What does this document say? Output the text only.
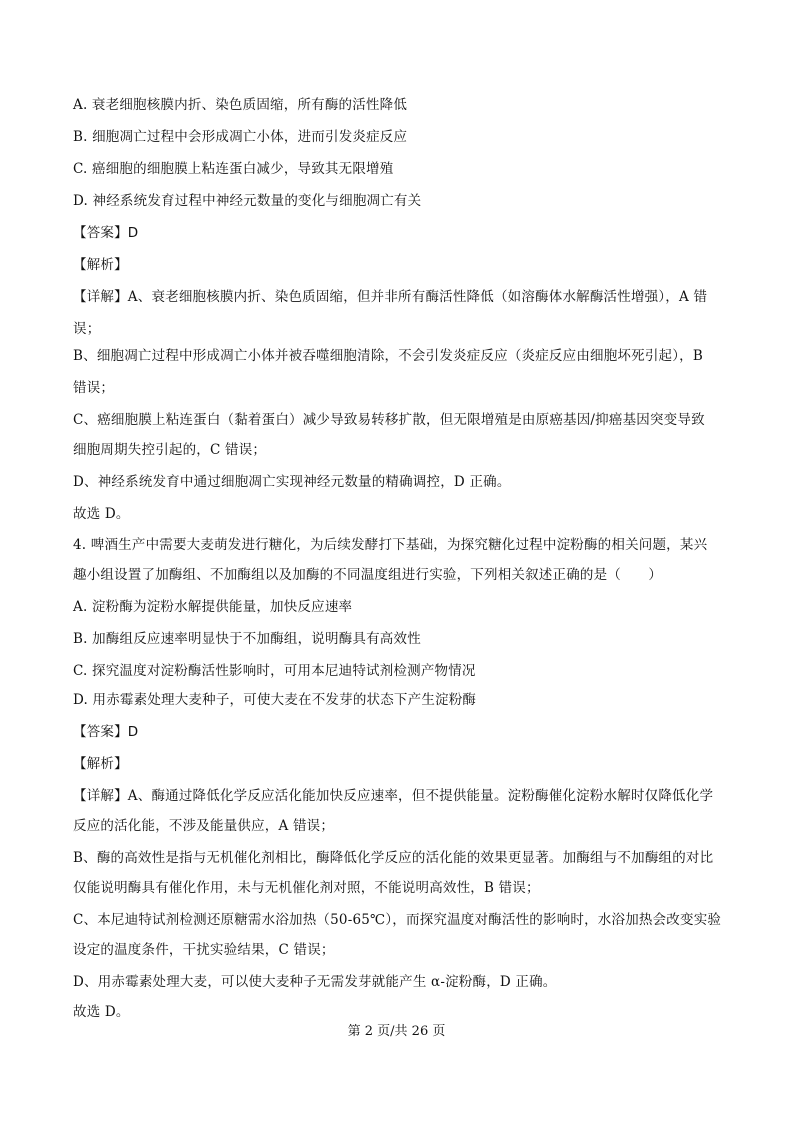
A. 衰老细胞核膜内折、染色质固缩，所有酶的活性降低
B. 细胞凋亡过程中会形成凋亡小体，进而引发炎症反应
C. 癌细胞的细胞膜上粘连蛋白减少，导致其无限增殖
D. 神经系统发育过程中神经元数量的变化与细胞凋亡有关
【答案】D
【解析】
【详解】A、衰老细胞核膜内折、染色质固缩，但并非所有酶活性降低（如溶酶体水解酶活性增强），A 错
误；
B、细胞凋亡过程中形成凋亡小体并被吞噬细胞清除，不会引发炎症反应（炎症反应由细胞坏死引起），B
错误；
C、癌细胞膜上粘连蛋白（黏着蛋白）减少导致易转移扩散，但无限增殖是由原癌基因/抑癌基因突变导致
细胞周期失控引起的，C 错误；
D、神经系统发育中通过细胞凋亡实现神经元数量的精确调控，D 正确。
故选 D。
4. 啤酒生产中需要大麦萌发进行糖化，为后续发酵打下基础，为探究糖化过程中淀粉酶的相关问题，某兴
趣小组设置了加酶组、不加酶组以及加酶的不同温度组进行实验，下列相关叙述正确的是（　　）
A. 淀粉酶为淀粉水解提供能量，加快反应速率
B. 加酶组反应速率明显快于不加酶组，说明酶具有高效性
C. 探究温度对淀粉酶活性影响时，可用本尼迪特试剂检测产物情况
D. 用赤霉素处理大麦种子，可使大麦在不发芽的状态下产生淀粉酶
【答案】D
【解析】
【详解】A、酶通过降低化学反应活化能加快反应速率，但不提供能量。淀粉酶催化淀粉水解时仅降低化学
反应的活化能，不涉及能量供应，A 错误；
B、酶的高效性是指与无机催化剂相比，酶降低化学反应的活化能的效果更显著。加酶组与不加酶组的对比
仅能说明酶具有催化作用，未与无机催化剂对照，不能说明高效性，B 错误；
C、本尼迪特试剂检测还原糖需水浴加热（50-65℃），而探究温度对酶活性的影响时，水浴加热会改变实验
设定的温度条件，干扰实验结果，C 错误；
D、用赤霉素处理大麦，可以使大麦种子无需发芽就能产生 α-淀粉酶，D 正确。
故选 D。
第 2 页/共 26 页
